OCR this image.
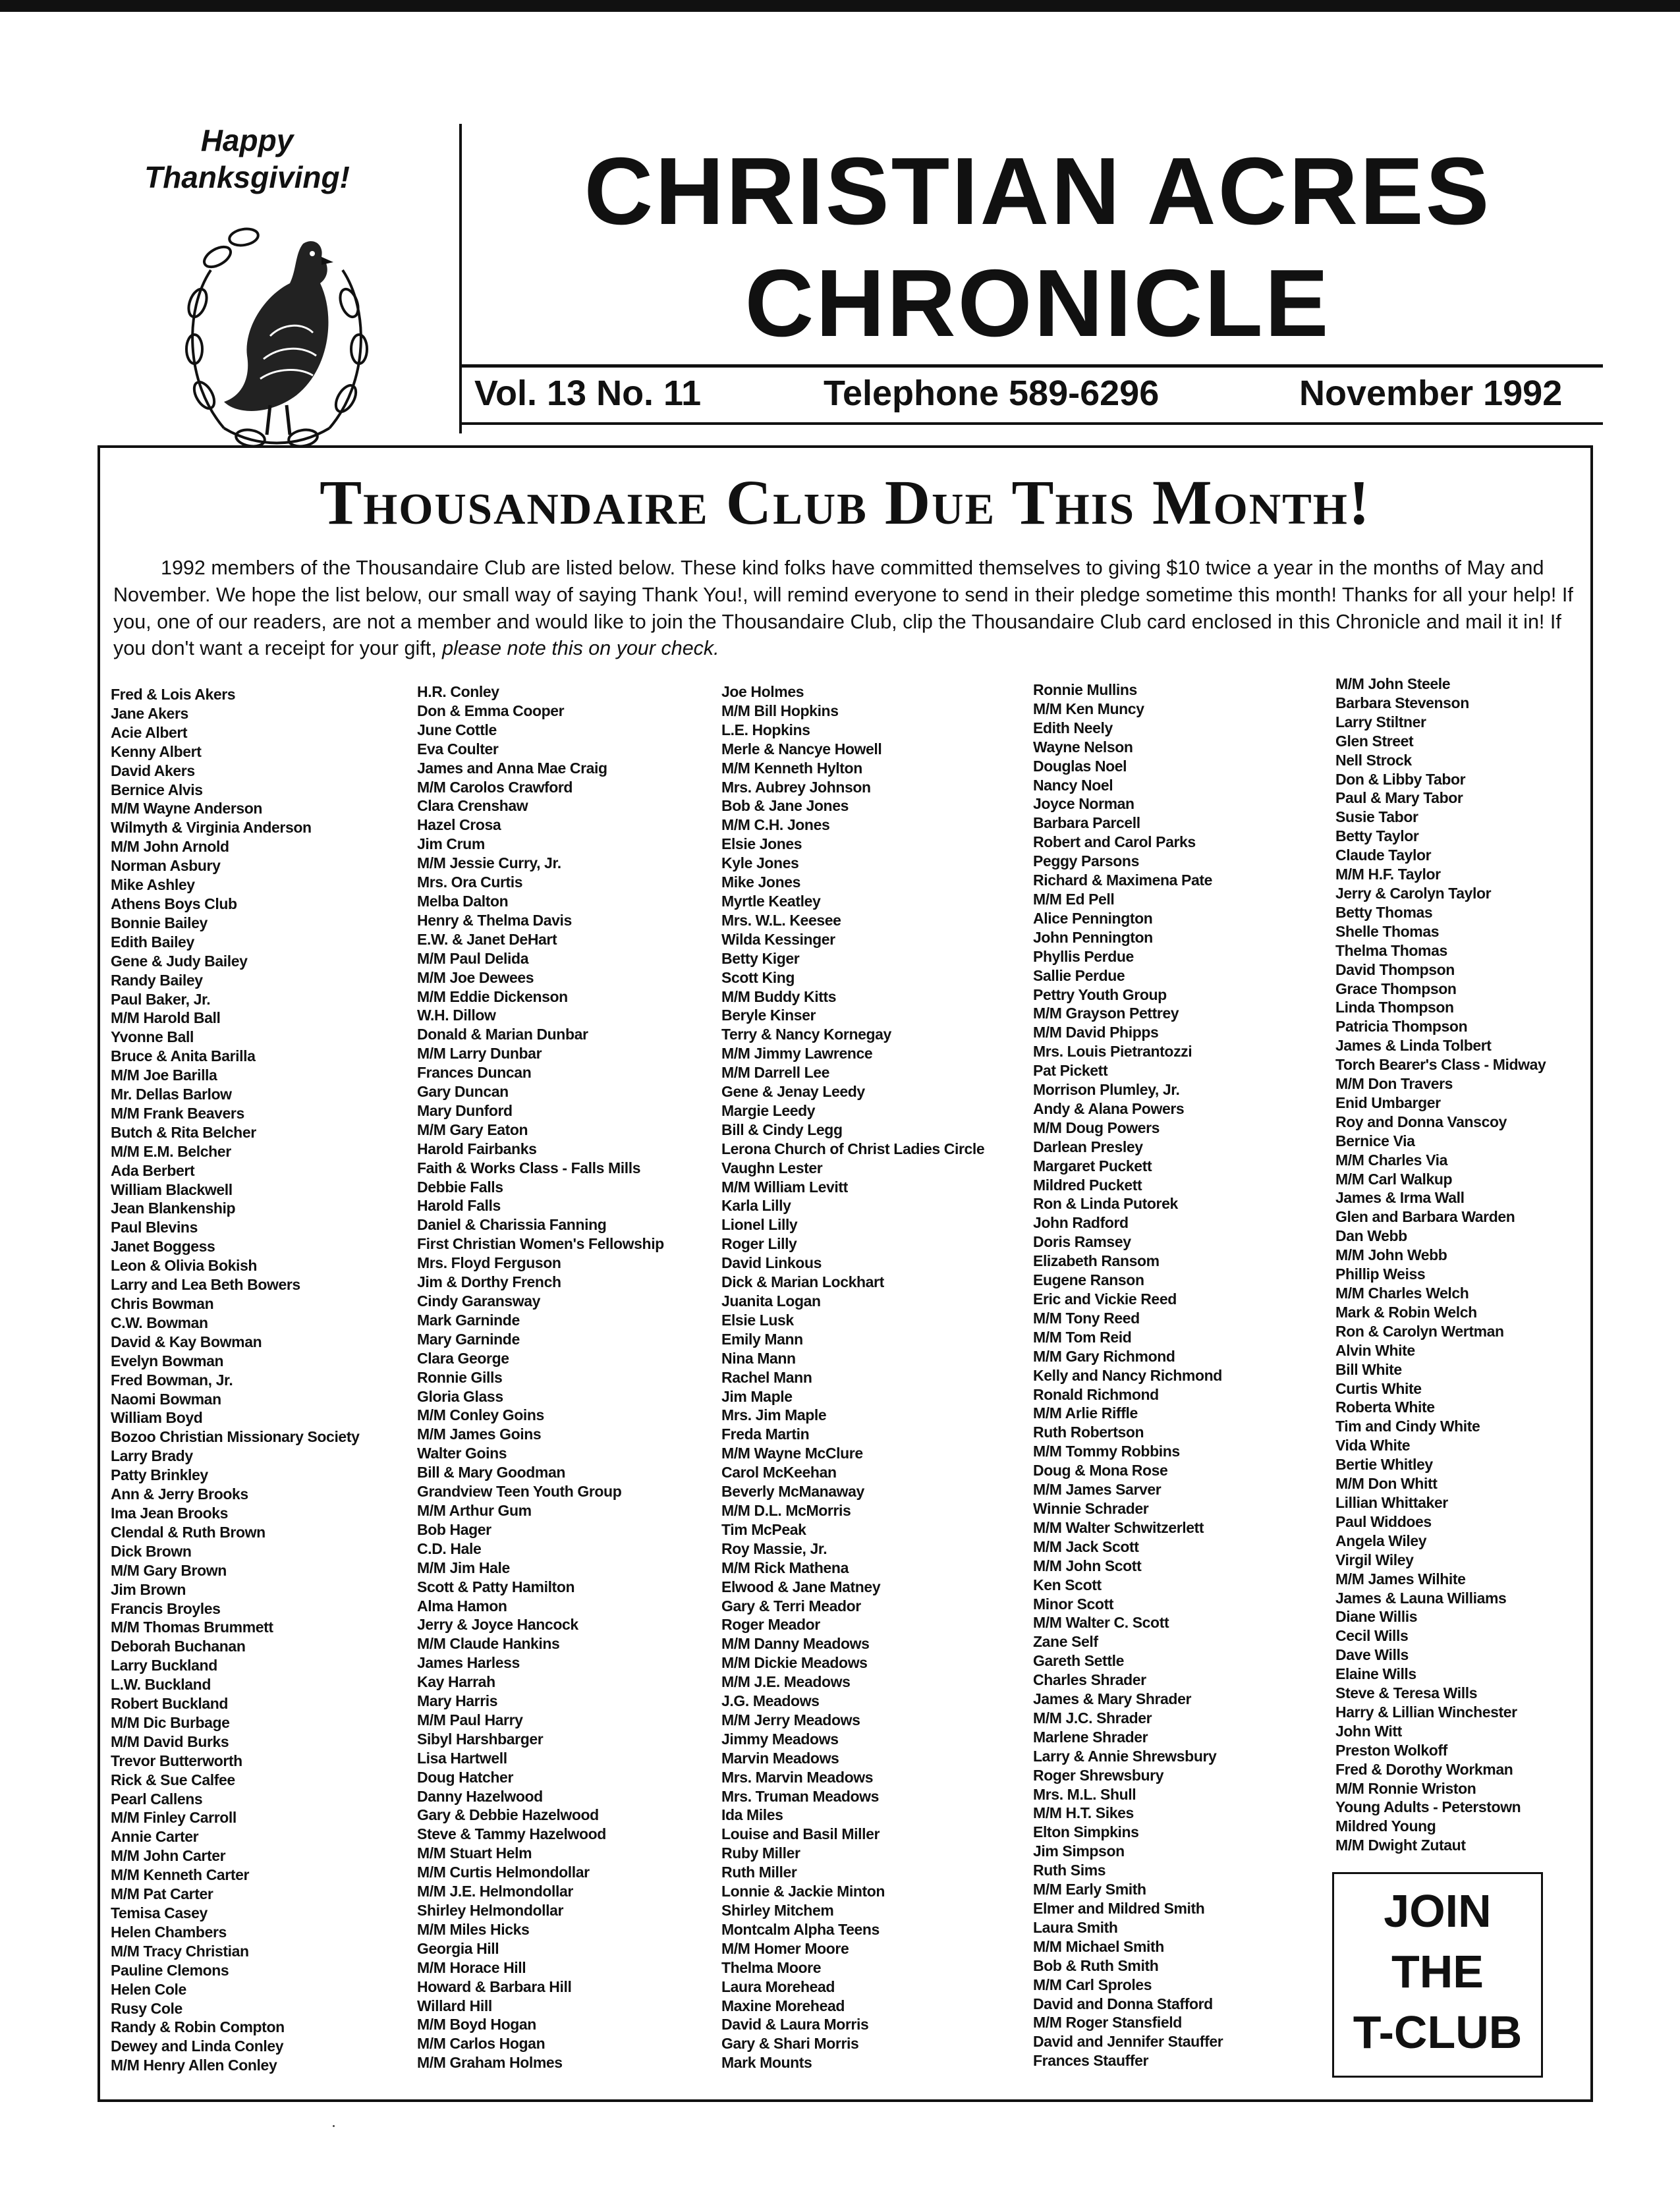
Happy
Thanksgiving!	CHRISTIAN ACRES
CHRONICLE
Vol. 13 No. 11	Telephone 589-6296	November 1992
Thousandaire Club Due This Month!

1992 members of the Thousandaire Club are listed below. These kind folks have committed themselves to giving $10 twice a year in the months of May and November. We hope the list below, our small way of saying Thank You!, will remind everyone to send in their pledge sometime this month! Thanks for all your help! If you, one of our readers, are not a member and would like to join the Thousandaire Club, clip the Thousandaire Club card enclosed in this Chronicle and mail it in! If you don't want a receipt for your gift, please note this on your check.

Fred & Lois Akers
Jane Akers
Acie Albert
Kenny Albert
David Akers
Bernice Alvis
M/M Wayne Anderson
Wilmyth & Virginia Anderson
M/M John Arnold
Norman Asbury
Mike Ashley
Athens Boys Club
Bonnie Bailey
Edith Bailey
Gene & Judy Bailey
Randy Bailey
Paul Baker, Jr.
M/M Harold Ball
Yvonne Ball
Bruce & Anita Barilla
M/M Joe Barilla
Mr. Dellas Barlow
M/M Frank Beavers
Butch & Rita Belcher
M/M E.M. Belcher
Ada Berbert
William Blackwell
Jean Blankenship
Paul Blevins
Janet Boggess
Leon & Olivia Bokish
Larry and Lea Beth Bowers
Chris Bowman
C.W. Bowman
David & Kay Bowman
Evelyn Bowman
Fred Bowman, Jr.
Naomi Bowman
William Boyd
Bozoo Christian Missionary Society
Larry Brady
Patty Brinkley
Ann & Jerry Brooks
Ima Jean Brooks
Clendal & Ruth Brown
Dick Brown
M/M Gary Brown
Jim Brown
Francis Broyles
M/M Thomas Brummett
Deborah Buchanan
Larry Buckland
L.W. Buckland
Robert Buckland
M/M Dic Burbage
M/M David Burks
Trevor Butterworth
Rick & Sue Calfee
Pearl Callens
M/M Finley Carroll
Annie Carter
M/M John Carter
M/M Kenneth Carter
M/M Pat Carter
Temisa Casey
Helen Chambers
M/M Tracy Christian
Pauline Clemons
Helen Cole
Rusy Cole
Randy & Robin Compton
Dewey and Linda Conley
M/M Henry Allen Conley
H.R. Conley
Don & Emma Cooper
June Cottle
Eva Coulter
James and Anna Mae Craig
M/M Carolos Crawford
Clara Crenshaw
Hazel Crosa
Jim Crum
M/M Jessie Curry, Jr.
Mrs. Ora Curtis
Melba Dalton
Henry & Thelma Davis
E.W. & Janet DeHart
M/M Paul Delida
M/M Joe Dewees
M/M Eddie Dickenson
W.H. Dillow
Donald & Marian Dunbar
M/M Larry Dunbar
Frances Duncan
Gary Duncan
Mary Dunford
M/M Gary Eaton
Harold Fairbanks
Faith & Works Class - Falls Mills
Debbie Falls
Harold Falls
Daniel & Charissia Fanning
First Christian Women's Fellowship
Mrs. Floyd Ferguson
Jim & Dorthy French
Cindy Garansway
Mark Garninde
Mary Garninde
Clara George
Ronnie Gills
Gloria Glass
M/M Conley Goins
M/M James Goins
Walter Goins
Bill & Mary Goodman
Grandview Teen Youth Group
M/M Arthur Gum
Bob Hager
C.D. Hale
M/M Jim Hale
Scott & Patty Hamilton
Alma Hamon
Jerry & Joyce Hancock
M/M Claude Hankins
James Harless
Kay Harrah
Mary Harris
M/M Paul Harry
Sibyl Harshbarger
Lisa Hartwell
Doug Hatcher
Danny Hazelwood
Gary & Debbie Hazelwood
Steve & Tammy Hazelwood
M/M Stuart Helm
M/M Curtis Helmondollar
M/M J.E. Helmondollar
Shirley Helmondollar
M/M Miles Hicks
Georgia Hill
M/M Horace Hill
Howard & Barbara Hill
Willard Hill
M/M Boyd Hogan
M/M Carlos Hogan
M/M Graham Holmes
Joe Holmes
M/M Bill Hopkins
L.E. Hopkins
Merle & Nancye Howell
M/M Kenneth Hylton
Mrs. Aubrey Johnson
Bob & Jane Jones
M/M C.H. Jones
Elsie Jones
Kyle Jones
Mike Jones
Myrtle Keatley
Mrs. W.L. Keesee
Wilda Kessinger
Betty Kiger
Scott King
M/M Buddy Kitts
Beryle Kinser
Terry & Nancy Kornegay
M/M Jimmy Lawrence
M/M Darrell Lee
Gene & Jenay Leedy
Margie Leedy
Bill & Cindy Legg
Lerona Church of Christ Ladies Circle
Vaughn Lester
M/M William Levitt
Karla Lilly
Lionel Lilly
Roger Lilly
David Linkous
Dick & Marian Lockhart
Juanita Logan
Elsie Lusk
Emily Mann
Nina Mann
Rachel Mann
Jim Maple
Mrs. Jim Maple
Freda Martin
M/M Wayne McClure
Carol McKeehan
Beverly McManaway
M/M D.L. McMorris
Tim McPeak
Roy Massie, Jr.
M/M Rick Mathena
Elwood & Jane Matney
Gary & Terri Meador
Roger Meador
M/M Danny Meadows
M/M Dickie Meadows
M/M J.E. Meadows
J.G. Meadows
M/M Jerry Meadows
Jimmy Meadows
Marvin Meadows
Mrs. Marvin Meadows
Mrs. Truman Meadows
Ida Miles
Louise and Basil Miller
Ruby Miller
Ruth Miller
Lonnie & Jackie Minton
Shirley Mitchem
Montcalm Alpha Teens
M/M Homer Moore
Thelma Moore
Laura Morehead
Maxine Morehead
David & Laura Morris
Gary & Shari Morris
Mark Mounts
Ronnie Mullins
M/M Ken Muncy
Edith Neely
Wayne Nelson
Douglas Noel
Nancy Noel
Joyce Norman
Barbara Parcell
Robert and Carol Parks
Peggy Parsons
Richard & Maximena Pate
M/M Ed Pell
Alice Pennington
John Pennington
Phyllis Perdue
Sallie Perdue
Pettry Youth Group
M/M Grayson Pettrey
M/M David Phipps
Mrs. Louis Pietrantozzi
Pat Pickett
Morrison Plumley, Jr.
Andy & Alana Powers
M/M Doug Powers
Darlean Presley
Margaret Puckett
Mildred Puckett
Ron & Linda Putorek
John Radford
Doris Ramsey
Elizabeth Ransom
Eugene Ranson
Eric and Vickie Reed
M/M Tony Reed
M/M Tom Reid
M/M Gary Richmond
Kelly and Nancy Richmond
Ronald Richmond
M/M Arlie Riffle
Ruth Robertson
M/M Tommy Robbins
Doug & Mona Rose
M/M James Sarver
Winnie Schrader
M/M Walter Schwitzerlett
M/M Jack Scott
M/M John Scott
Ken Scott
Minor Scott
M/M Walter C. Scott
Zane Self
Gareth Settle
Charles Shrader
James & Mary Shrader
M/M J.C. Shrader
Marlene Shrader
Larry & Annie Shrewsbury
Roger Shrewsbury
Mrs. M.L. Shull
M/M H.T. Sikes
Elton Simpkins
Jim Simpson
Ruth Sims
M/M Early Smith
Elmer and Mildred Smith
Laura Smith
M/M Michael Smith
Bob & Ruth Smith
M/M Carl Sproles
David and Donna Stafford
M/M Roger Stansfield
David and Jennifer Stauffer
Frances Stauffer
M/M John Steele
Barbara Stevenson
Larry Stiltner
Glen Street
Nell Strock
Don & Libby Tabor
Paul & Mary Tabor
Susie Tabor
Betty Taylor
Claude Taylor
M/M H.F. Taylor
Jerry & Carolyn Taylor
Betty Thomas
Shelle Thomas
Thelma Thomas
David Thompson
Grace Thompson
Linda Thompson
Patricia Thompson
James & Linda Tolbert
Torch Bearer's Class - Midway
M/M Don Travers
Enid Umbarger
Roy and Donna Vanscoy
Bernice Via
M/M Charles Via
M/M Carl Walkup
James & Irma Wall
Glen and Barbara Warden
Dan Webb
M/M John Webb
Phillip Weiss
M/M Charles Welch
Mark & Robin Welch
Ron & Carolyn Wertman
Alvin White
Bill White
Curtis White
Roberta White
Tim and Cindy White
Vida White
Bertie Whitley
M/M Don Whitt
Lillian Whittaker
Paul Widdoes
Angela Wiley
Virgil Wiley
M/M James Wilhite
James & Launa Williams
Diane Willis
Cecil Wills
Dave Wills
Elaine Wills
Steve & Teresa Wills
Harry & Lillian Winchester
John Witt
Preston Wolkoff
Fred & Dorothy Workman
M/M Ronnie Wriston
Young Adults - Peterstown
Mildred Young
M/M Dwight Zutaut
JOIN
THE
T-CLUB
